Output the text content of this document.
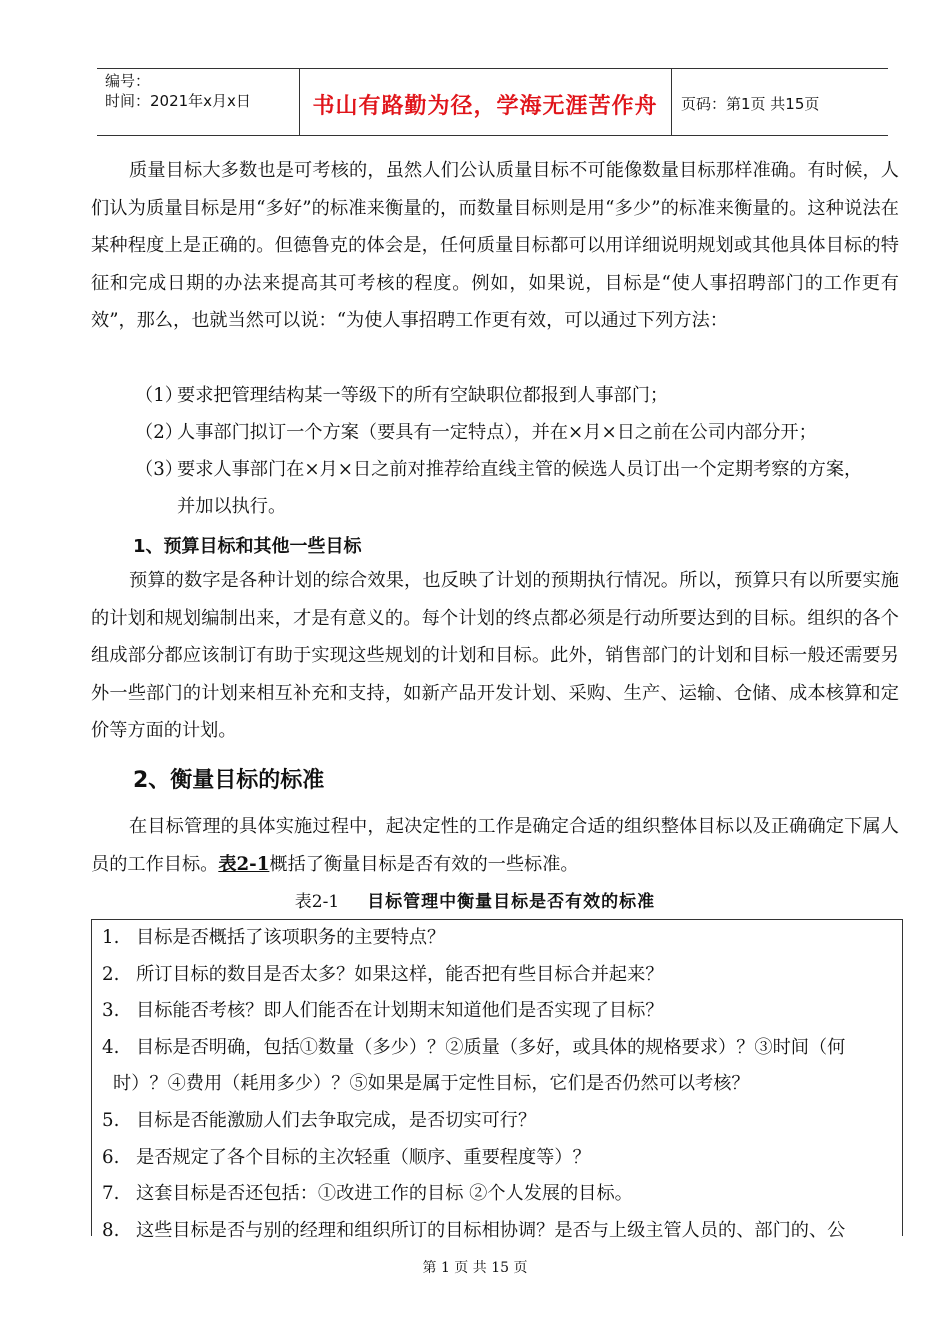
编号：
时间：2021年x月x日	书山有路勤为径，学海无涯苦作舟	页码：第1页 共15页

质量目标大多数也是可考核的，虽然人们公认质量目标不可能像数量目标那样准确。有时候，人们认为质量目标是用“多好”的标准来衡量的，而数量目标则是用“多少”的标准来衡量的。这种说法在某种程度上是正确的。但德鲁克的体会是，任何质量目标都可以用详细说明规划或其他具体目标的特征和完成日期的办法来提高其可考核的程度。例如，如果说，目标是“使人事招聘部门的工作更有效”，那么，也就当然可以说：“为使人事招聘工作更有效，可以通过下列方法：

（1）要求把管理结构某一等级下的所有空缺职位都报到人事部门；

（2）人事部门拟订一个方案（要具有一定特点），并在×月×日之前在公司内部分开；

（3）要求人事部门在×月×日之前对推荐给直线主管的候选人员订出一个定期考察的方案，

并加以执行。
1、预算目标和其他一些目标

预算的数字是各种计划的综合效果，也反映了计划的预期执行情况。所以，预算只有以所要实施的计划和规划编制出来，才是有意义的。每个计划的终点都必须是行动所要达到的目标。组织的各个组成部分都应该制订有助于实现这些规划的计划和目标。此外，销售部门的计划和目标一般还需要另外一些部门的计划来相互补充和支持，如新产品开发计划、采购、生产、运输、仓储、成本核算和定价等方面的计划。

2、衡量目标的标准

在目标管理的具体实施过程中，起决定性的工作是确定合适的组织整体目标以及正确确定下属人员的工作目标。表2-1概括了衡量目标是否有效的一些标准。

表2-1 目标管理中衡量目标是否有效的标准
1. 目标是否概括了该项职务的主要特点？
2. 所订目标的数目是否太多？如果这样，能否把有些目标合并起来？
3. 目标能否考核？即人们能否在计划期末知道他们是否实现了目标？
4. 目标是否明确，包括①数量（多少）？②质量（多好，或具体的规格要求）？③时间（何
时）？④费用（耗用多少）？⑤如果是属于定性目标，它们是否仍然可以考核？
5. 目标是否能激励人们去争取完成，是否切实可行？
6. 是否规定了各个目标的主次轻重（顺序、重要程度等）？
7. 这套目标是否还包括：①改进工作的目标 ②个人发展的目标。
8. 这些目标是否与别的经理和组织所订的目标相协调？是否与上级主管人员的、部门的、公
第 1 页 共 15 页
